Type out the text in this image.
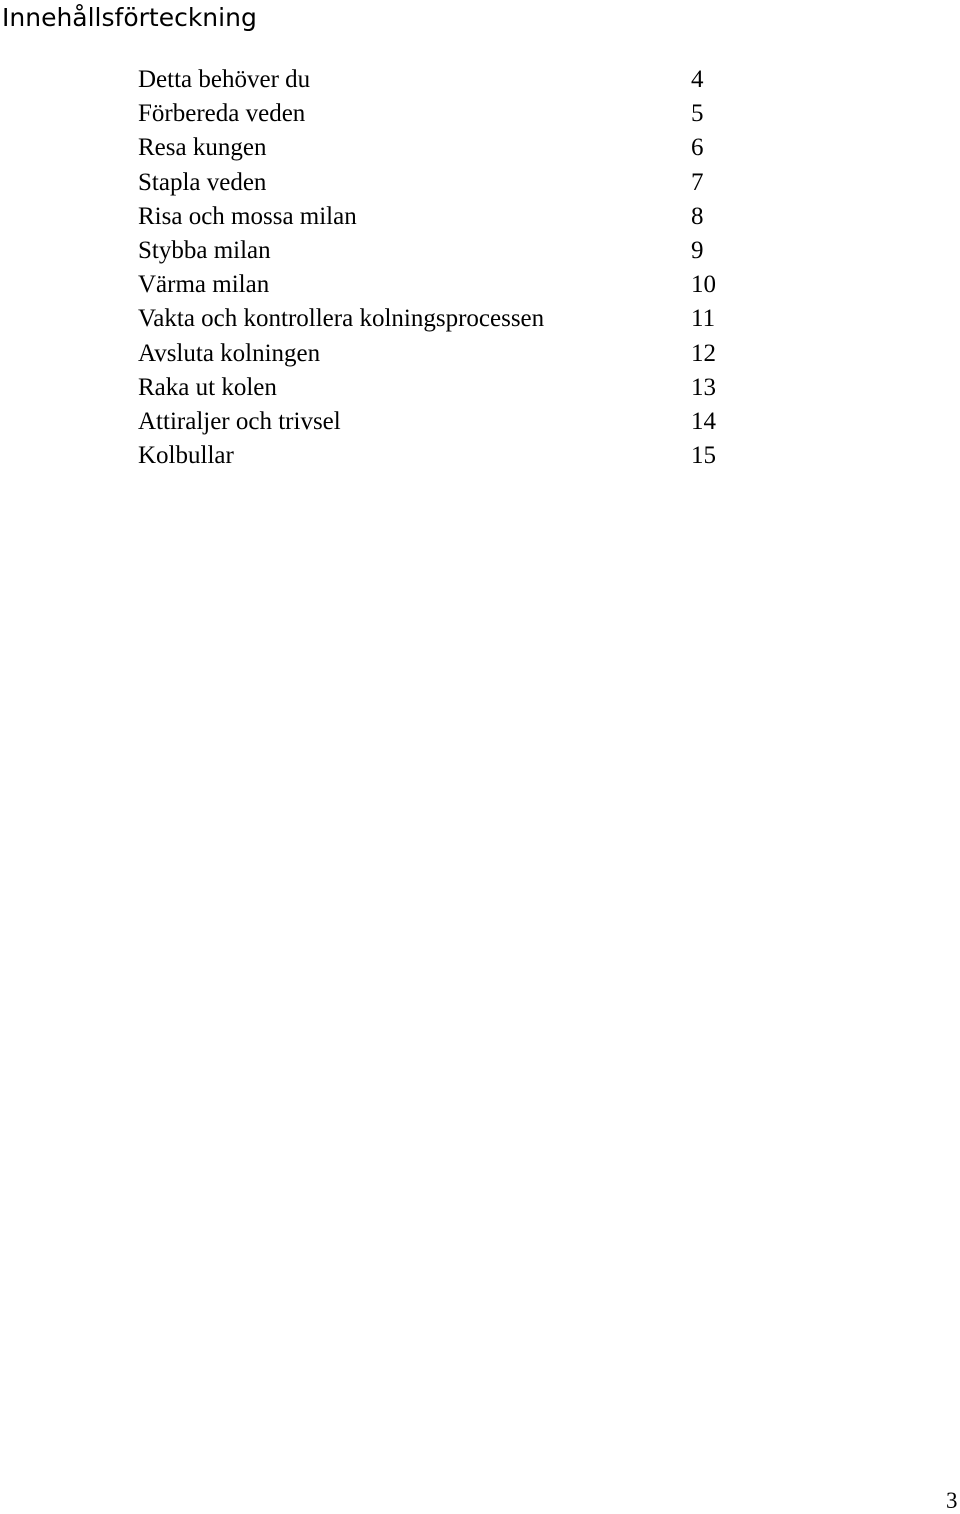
Innehållsförteckning
Detta behöver du	4
Förbereda veden	5
Resa kungen	6
Stapla veden	7
Risa och mossa milan	8
Stybba milan	9
Värma milan	10
Vakta och kontrollera kolningsprocessen	11
Avsluta kolningen	12
Raka ut kolen	13
Attiraljer och trivsel	14
Kolbullar	15
3
